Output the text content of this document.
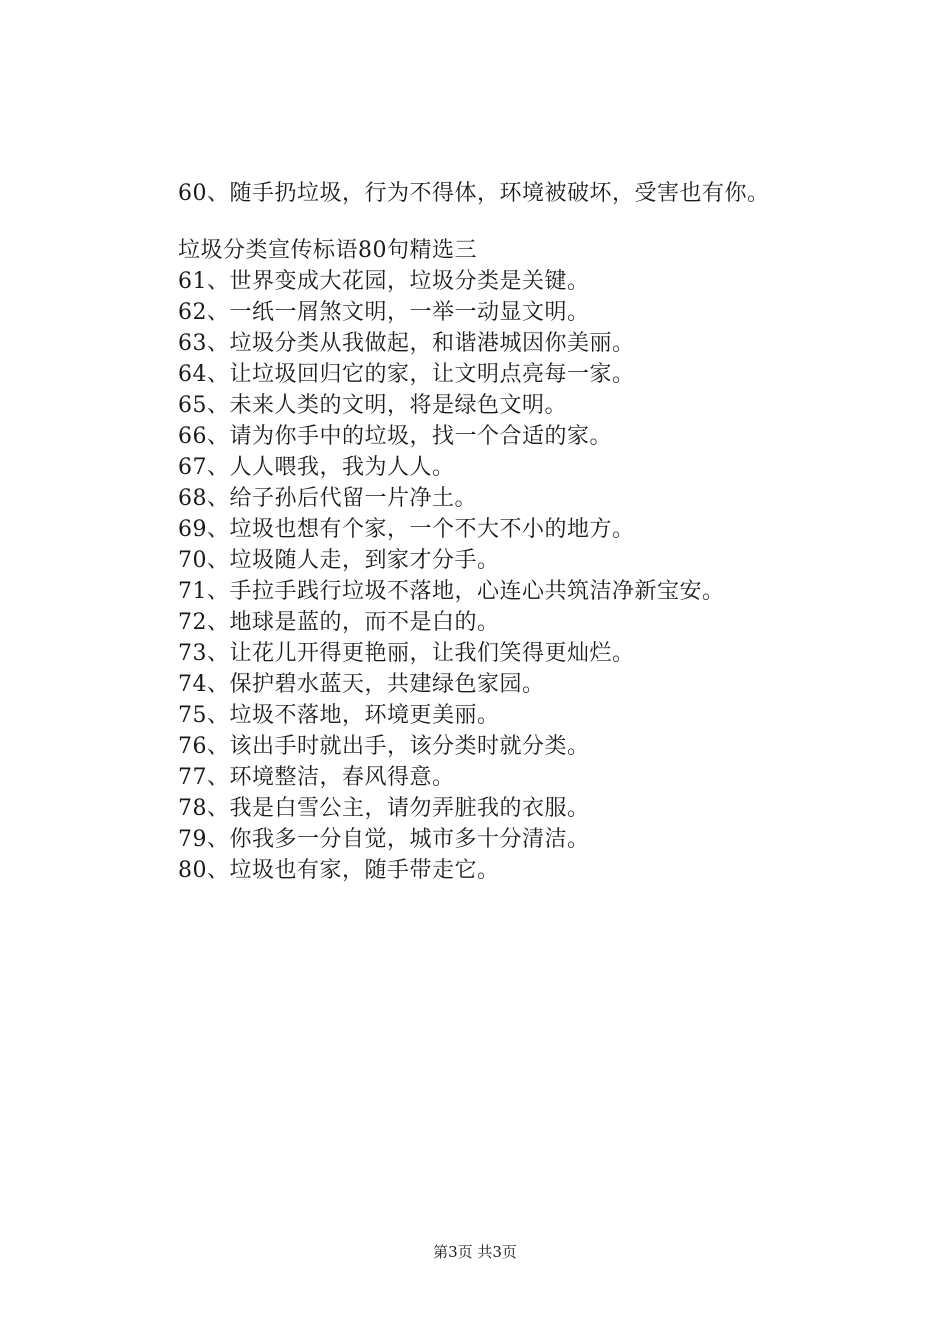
60、随手扔垃圾，行为不得体，环境被破坏，受害也有你。
垃圾分类宣传标语80句精选三
61、世界变成大花园，垃圾分类是关键。
62、一纸一屑煞文明，一举一动显文明。
63、垃圾分类从我做起，和谐港城因你美丽。
64、让垃圾回归它的家，让文明点亮每一家。
65、未来人类的文明，将是绿色文明。
66、请为你手中的垃圾，找一个合适的家。
67、人人喂我，我为人人。
68、给子孙后代留一片净土。
69、垃圾也想有个家，一个不大不小的地方。
70、垃圾随人走，到家才分手。
71、手拉手践行垃圾不落地，心连心共筑洁净新宝安。
72、地球是蓝的，而不是白的。
73、让花儿开得更艳丽，让我们笑得更灿烂。
74、保护碧水蓝天，共建绿色家园。
75、垃圾不落地，环境更美丽。
76、该出手时就出手，该分类时就分类。
77、环境整洁，春风得意。
78、我是白雪公主，请勿弄脏我的衣服。
79、你我多一分自觉，城市多十分清洁。
80、垃圾也有家，随手带走它。
第3页 共3页
